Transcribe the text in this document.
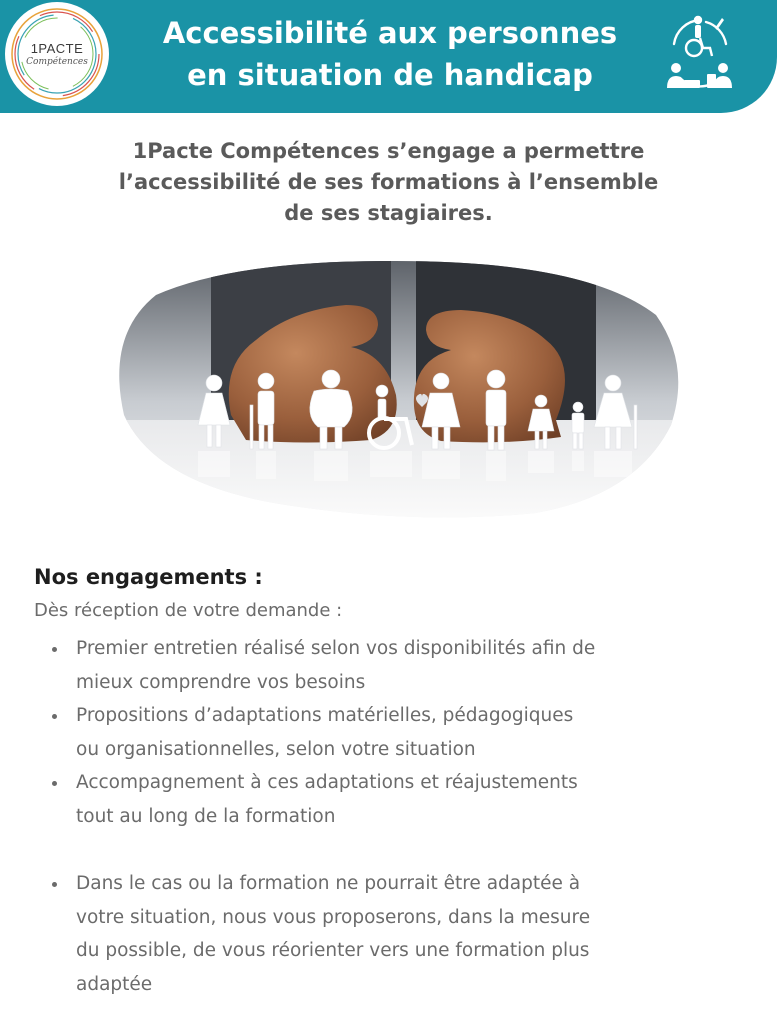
1PACTE
Compétences
Accessibilité aux personnes
en situation de handicap
1Pacte Compétences s’engage a permettre
l’accessibilité de ses formations à l’ensemble
de ses stagiaires.
Nos engagements :
Dès réception de votre demande :
Premier entretien réalisé selon vos disponibilités afin de
mieux comprendre vos besoins
Propositions d’adaptations matérielles, pédagogiques
ou organisationnelles, selon votre situation
Accompagnement à ces adaptations et réajustements
tout au long de la formation
Dans le cas ou la formation ne pourrait être adaptée à
votre situation, nous vous proposerons, dans la mesure
du possible, de vous réorienter vers une formation plus
adaptée
